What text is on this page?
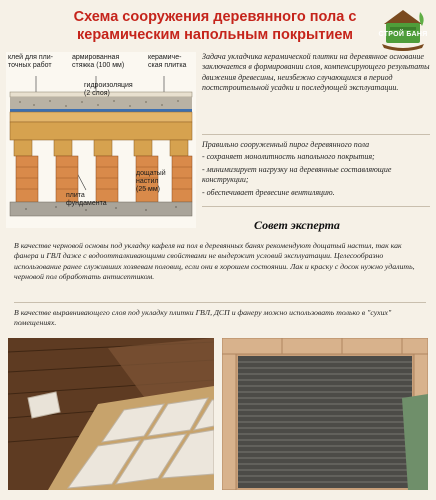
Схема сооружения деревянного пола с керамическим напольным покрытием	СТРОЙ БАНЯ
клей для пли-
точных работ
армированная
стяжка (100 мм)
керамиче-
ская плитка
гидроизоляция
(2 слоя)
дощатый
настил
(25 мм)
плита
фундамента
Задача укладчика керамической плитки на деревянное основание заключается в формировании слоя, компенсирующего результаты движения древесины, неизбежно случающихся в период постстроительной усадки и последующей эксплуатации.
Правильно сооруженный пирог деревянного пола
- сохраняет монолитность напольного покрытия;
- минимизирует нагрузку на деревянные составляющие конструкции;
- обеспечивает древесине вентиляцию.
Совет эксперта
В качестве черновой основы под укладку кафеля на пол в деревянных банях рекомендуют дощатый настил, так как фанера и ГВЛ даже с водоотталкивающими свойствами не выдержит условий эксплуатации. Целесообразно использование ранее служивших хозяевам половиц, если они в хорошем состоянии. Лак и краску с досок нужно удалить, черновой пол обработать антисептиком.
В качестве выравнивающего слоя под укладку плитки ГВЛ, ДСП и фанеру можно использовать только в "сухих" помещениях.
